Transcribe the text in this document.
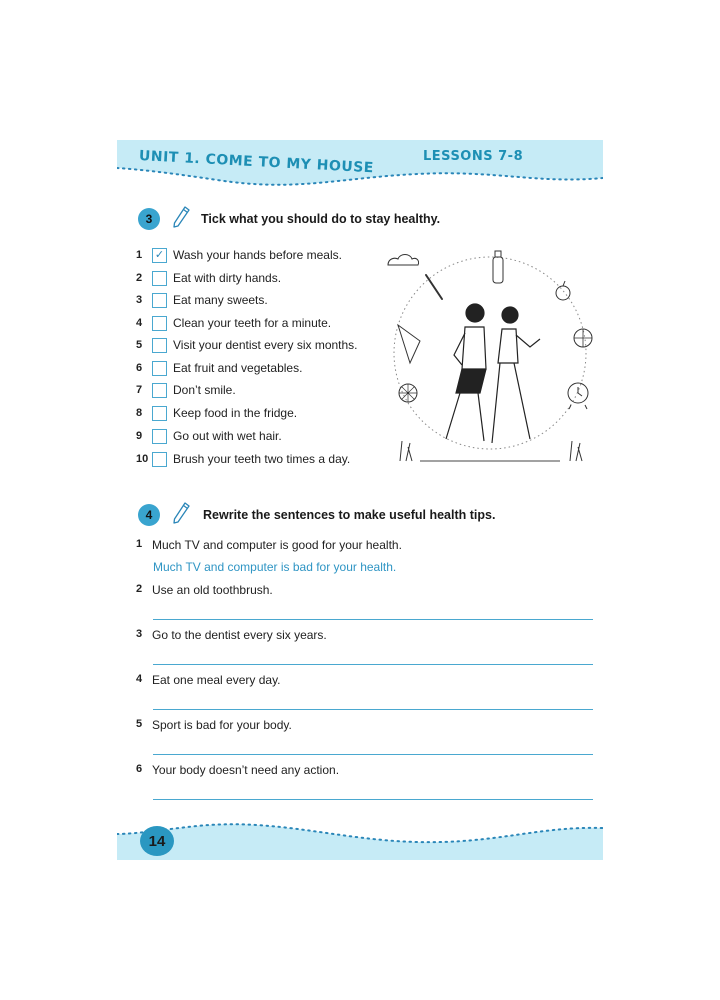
UNIT 1. COME TO MY HOUSE	LESSONS 7-8
3	Tick what you should do to stay healthy.
1	✓ Wash your hands before meals.
2	Eat with dirty hands.
3	Eat many sweets.
4	Clean your teeth for a minute.
5	Visit your dentist every six months.
6	Eat fruit and vegetables.
7	Don’t smile.
8	Keep food in the fridge.
9	Go out with wet hair.
10	Brush your teeth two times a day.
4	Rewrite the sentences to make useful health tips.
1 Much TV and computer is good for your health.
Much TV and computer is bad for your health.
2 Use an old toothbrush.
3 Go to the dentist every six years.
4 Eat one meal every day.
5 Sport is bad for your body.
6 Your body doesn’t need any action.
14
